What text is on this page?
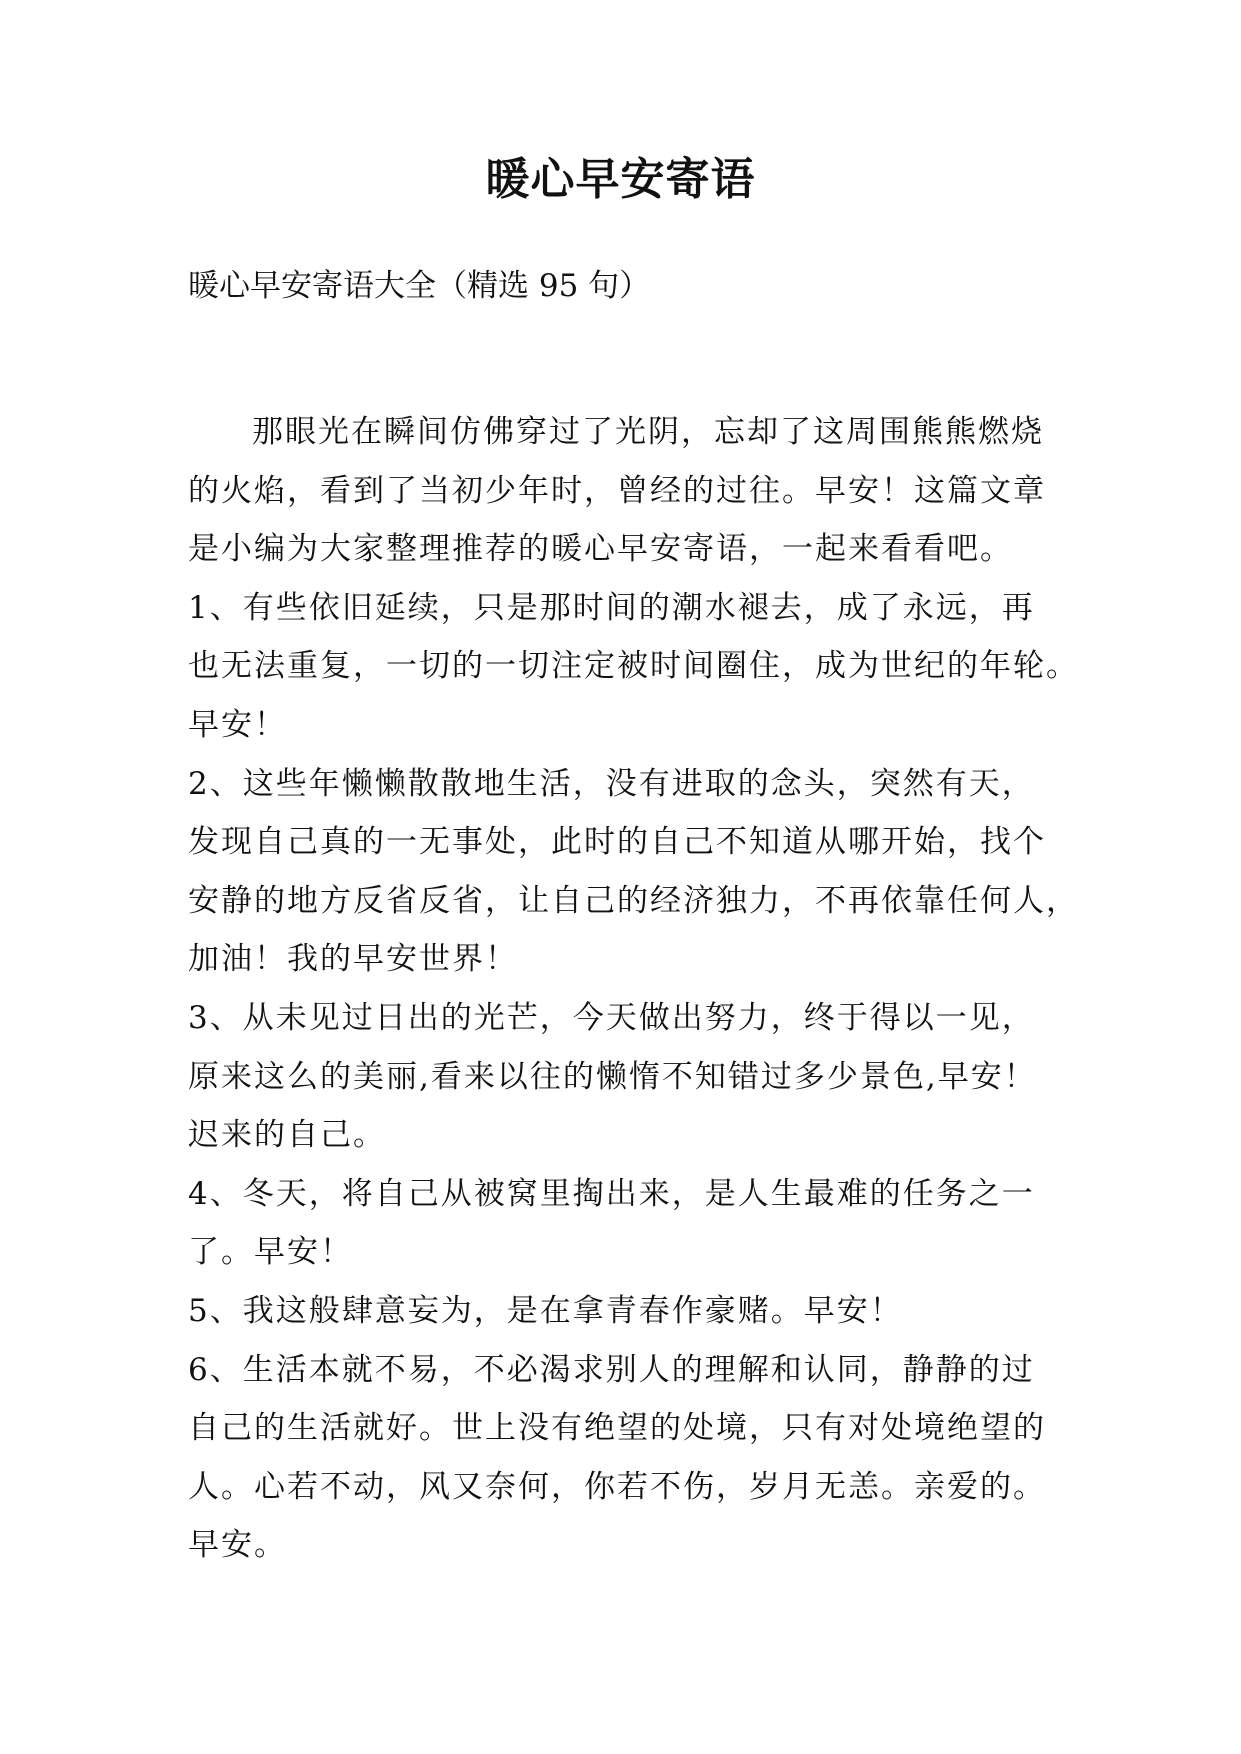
暖心早安寄语
暖心早安寄语大全（精选 95 句）
那眼光在瞬间仿佛穿过了光阴，忘却了这周围熊熊燃烧
的火焰，看到了当初少年时，曾经的过往。早安！这篇文章
是小编为大家整理推荐的暖心早安寄语，一起来看看吧。
1、有些依旧延续，只是那时间的潮水褪去，成了永远，再
也无法重复，一切的一切注定被时间圈住，成为世纪的年轮。
早安！
2、这些年懒懒散散地生活，没有进取的念头，突然有天，
发现自己真的一无事处，此时的自己不知道从哪开始，找个
安静的地方反省反省，让自己的经济独力，不再依靠任何人，
加油！我的早安世界！
3、从未见过日出的光芒，今天做出努力，终于得以一见，
原来这么的美丽,看来以往的懒惰不知错过多少景色,早安！
迟来的自己。
4、冬天，将自己从被窝里掏出来，是人生最难的任务之一
了。早安！
5、我这般肆意妄为，是在拿青春作豪赌。早安！
6、生活本就不易，不必渴求别人的理解和认同，静静的过
自己的生活就好。世上没有绝望的处境，只有对处境绝望的
人。心若不动，风又奈何，你若不伤，岁月无恙。亲爱的。
早安。
